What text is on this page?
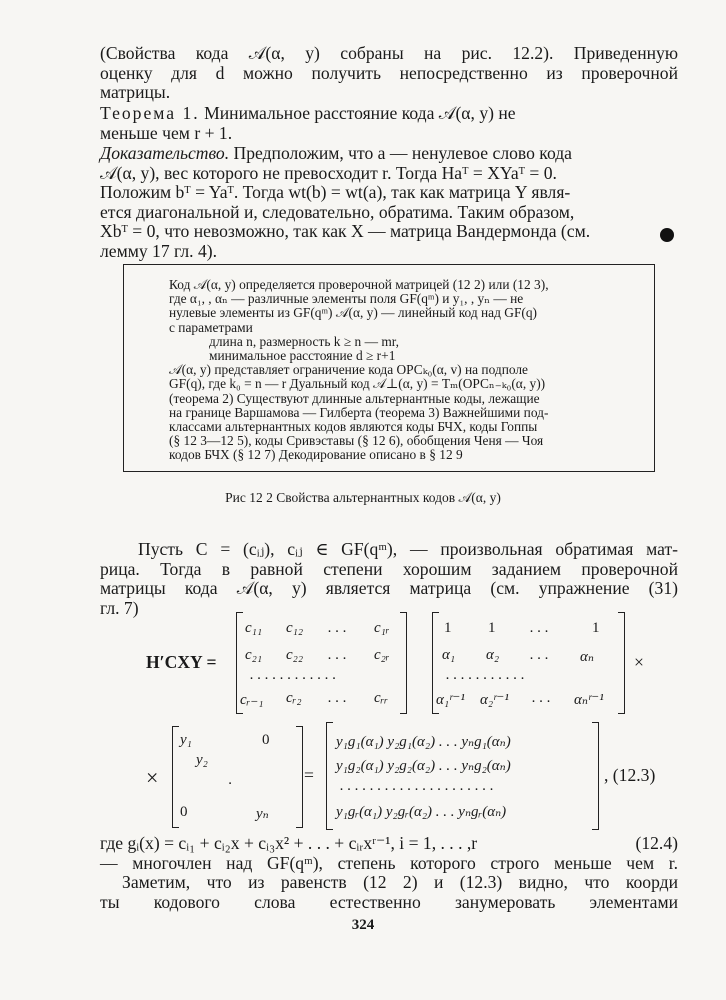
(Свойства кода 𝒜(α, y) собраны на рис. 12.2). Приведенную
оценку для d можно получить непосредственно из проверочной
матрицы.
Теорема 1. Минимальное расстояние кода 𝒜(α, y) не
меньше чем r + 1.
Доказательство. Предположим, что a — ненулевое слово кода
𝒜(α, y), вес которого не превосходит r. Тогда Haᵀ = XYaᵀ = 0.
Положим bᵀ = Yaᵀ. Тогда wt(b) = wt(a), так как матрица Y явля-
ется диагональной и, следовательно, обратима. Таким образом,
Xbᵀ = 0, что невозможно, так как X — матрица Вандермонда (см.
лемму 17 гл. 4).
Код 𝒜(α, y) определяется проверочной матрицей (12 2) или (12 3),
где α₁, , αₙ — различные элементы поля GF(qᵐ) и y₁, , yₙ — не
нулевые элементы из GF(qᵐ) 𝒜(α, y) — линейный код над GF(q)
с параметрами
длина n, размерность k ≥ n — mr,
минимальное расстояние d ≥ r+1
𝒜(α, y) представляет ограничение кода ОРСₖ₀(α, v) на подполе
GF(q), где k₀ = n — r Дуальный код 𝒜⊥(α, y) = Tₘ(ОРСₙ₋ₖ₀(α, y))
(теорема 2) Существуют длинные альтернантные коды, лежащие
на границе Варшамова — Гилберта (теорема 3) Важнейшими под-
классами альтернантных кодов являются коды БЧХ, коды Гоппы
(§ 12 3—12 5), коды Сривэставы (§ 12 6), обобщения Ченя — Чоя
кодов БЧХ (§ 12 7) Декодирование описано в § 12 9
Рис 12 2 Свойства альтернантных кодов 𝒜(α, y)
Пусть C = (cᵢⱼ), cᵢⱼ ∈ GF(qᵐ), — произвольная обратимая мат-
рица. Тогда в равной степени хорошим заданием проверочной
матрицы кода 𝒜(α, y) является матрица (см. упражнение (31)
гл. 7)
H′CXY =
c₁₁ c₁₂ . . . c₁ᵣ
c₂₁ c₂₂ . . . c₂ᵣ
. . . . . . . . . . . .
cᵣ₋₁ cᵣ₂ . . . cᵣᵣ
1 1 . . .	1
α₁ α₂ . . . αₙ
. . . . . . . . . . .
α₁ʳ⁻¹ α₂ʳ⁻¹ . . . αₙʳ⁻¹
×
×
y₁	0
y₂
·
0	yₙ
=
y₁g₁(α₁) y₂g₁(α₂) . . . yₙg₁(αₙ)
y₁g₂(α₁) y₂g₂(α₂) . . . yₙg₂(αₙ)
. . . . . . . . . . . . . . . . . . . . .
y₁gᵣ(α₁) y₂gᵣ(α₂) . . . yₙgᵣ(αₙ)
, (12.3)
где gᵢ(x) = cᵢ₁ + cᵢ₂x + cᵢ₃x² + . . . + cᵢᵣxʳ⁻¹, i = 1, . . . ,r	(12.4)
— многочлен над GF(qᵐ), степень которого строго меньше чем r.
Заметим, что из равенств (12 2) и (12.3) видно, что коорди
ты кодового слова естественно занумеровать элементами
324
